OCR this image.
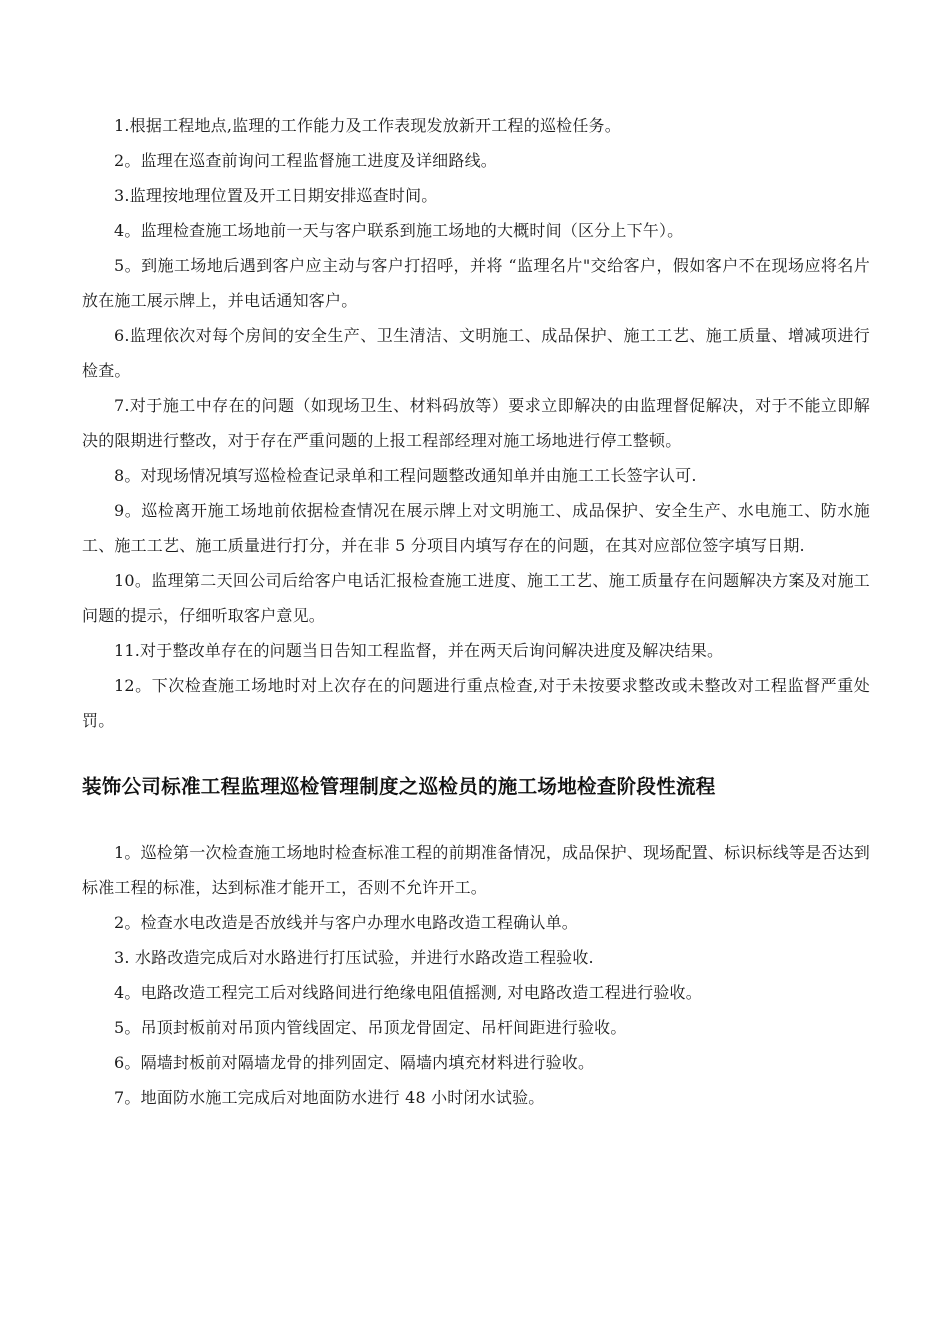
1.根据工程地点,监理的工作能力及工作表现发放新开工程的巡检任务。

2。监理在巡查前询问工程监督施工进度及详细路线。

3.监理按地理位置及开工日期安排巡查时间。

4。监理检查施工场地前一天与客户联系到施工场地的大概时间（区分上下午）。

5。到施工场地后遇到客户应主动与客户打招呼，并将 “监理名片"交给客户，假如客户不在现场应将名片放在施工展示牌上，并电话通知客户。

6.监理依次对每个房间的安全生产、卫生清洁、文明施工、成品保护、施工工艺、施工质量、增减项进行检查。

7.对于施工中存在的问题（如现场卫生、材料码放等）要求立即解决的由监理督促解决，对于不能立即解决的限期进行整改，对于存在严重问题的上报工程部经理对施工场地进行停工整顿。

8。对现场情况填写巡检检查记录单和工程问题整改通知单并由施工工长签字认可.

9。巡检离开施工场地前依据检查情况在展示牌上对文明施工、成品保护、安全生产、水电施工、防水施工、施工工艺、施工质量进行打分，并在非 5 分项目内填写存在的问题，在其对应部位签字填写日期.

10。监理第二天回公司后给客户电话汇报检查施工进度、施工工艺、施工质量存在问题解决方案及对施工问题的提示，仔细听取客户意见。

11.对于整改单存在的问题当日告知工程监督，并在两天后询问解决进度及解决结果。

12。下次检查施工场地时对上次存在的问题进行重点检查,对于未按要求整改或未整改对工程监督严重处罚。

装饰公司标准工程监理巡检管理制度之巡检员的施工场地检查阶段性流程

1。巡检第一次检查施工场地时检查标准工程的前期准备情况，成品保护、现场配置、标识标线等是否达到标准工程的标准，达到标准才能开工，否则不允许开工。

2。检查水电改造是否放线并与客户办理水电路改造工程确认单。

3. 水路改造完成后对水路进行打压试验，并进行水路改造工程验收.

4。电路改造工程完工后对线路间进行绝缘电阻值摇测, 对电路改造工程进行验收。

5。吊顶封板前对吊顶内管线固定、吊顶龙骨固定、吊杆间距进行验收。

6。隔墙封板前对隔墙龙骨的排列固定、隔墙内填充材料进行验收。

7。地面防水施工完成后对地面防水进行 48 小时闭水试验。
